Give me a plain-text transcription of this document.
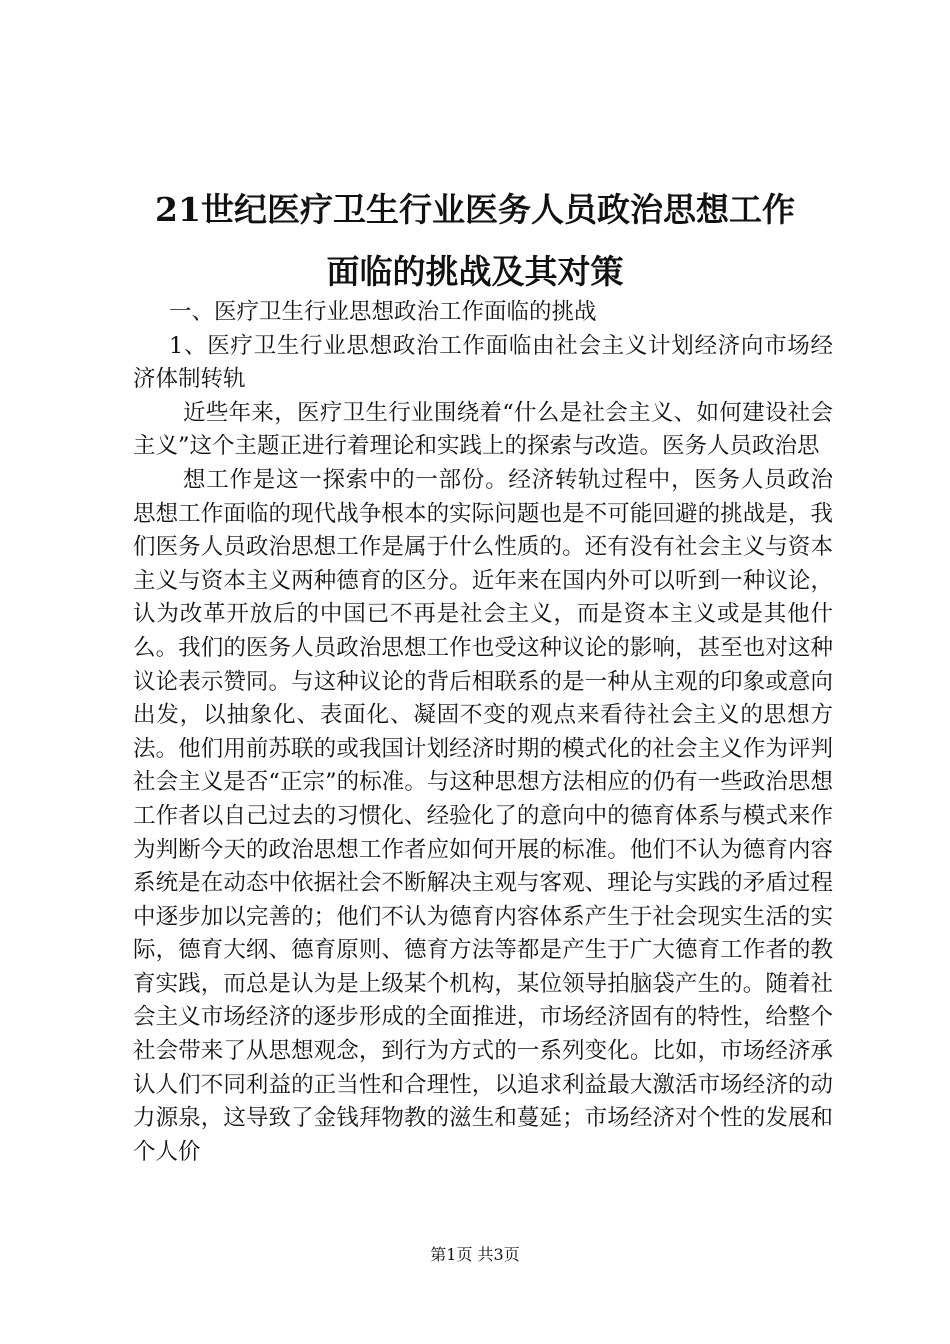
21世纪医疗卫生行业医务人员政治思想工作
面临的挑战及其对策

一、医疗卫生行业思想政治工作面临的挑战

1、医疗卫生行业思想政治工作面临由社会主义计划经济向市场经济体制转轨

近些年来，医疗卫生行业围绕着“什么是社会主义、如何建设社会主义”这个主题正进行着理论和实践上的探索与改造。医务人员政治思

想工作是这一探索中的一部份。经济转轨过程中，医务人员政治思想工作面临的现代战争根本的实际问题也是不可能回避的挑战是，我们医务人员政治思想工作是属于什么性质的。还有没有社会主义与资本主义与资本主义两种德育的区分。近年来在国内外可以听到一种议论，认为改革开放后的中国已不再是社会主义，而是资本主义或是其他什么。我们的医务人员政治思想工作也受这种议论的影响，甚至也对这种议论表示赞同。与这种议论的背后相联系的是一种从主观的印象或意向出发，以抽象化、表面化、凝固不变的观点来看待社会主义的思想方法。他们用前苏联的或我国计划经济时期的模式化的社会主义作为评判社会主义是否“正宗”的标准。与这种思想方法相应的仍有一些政治思想工作者以自己过去的习惯化、经验化了的意向中的德育体系与模式来作为判断今天的政治思想工作者应如何开展的标准。他们不认为德育内容系统是在动态中依据社会不断解决主观与客观、理论与实践的矛盾过程中逐步加以完善的；他们不认为德育内容体系产生于社会现实生活的实际，德育大纲、德育原则、德育方法等都是产生于广大德育工作者的教育实践，而总是认为是上级某个机构，某位领导拍脑袋产生的。随着社会主义市场经济的逐步形成的全面推进，市场经济固有的特性，给整个社会带来了从思想观念，到行为方式的一系列变化。比如，市场经济承认人们不同利益的正当性和合理性，以追求利益最大激活市场经济的动力源泉，这导致了金钱拜物教的滋生和蔓延；市场经济对个性的发展和个人价

第1页 共3页
